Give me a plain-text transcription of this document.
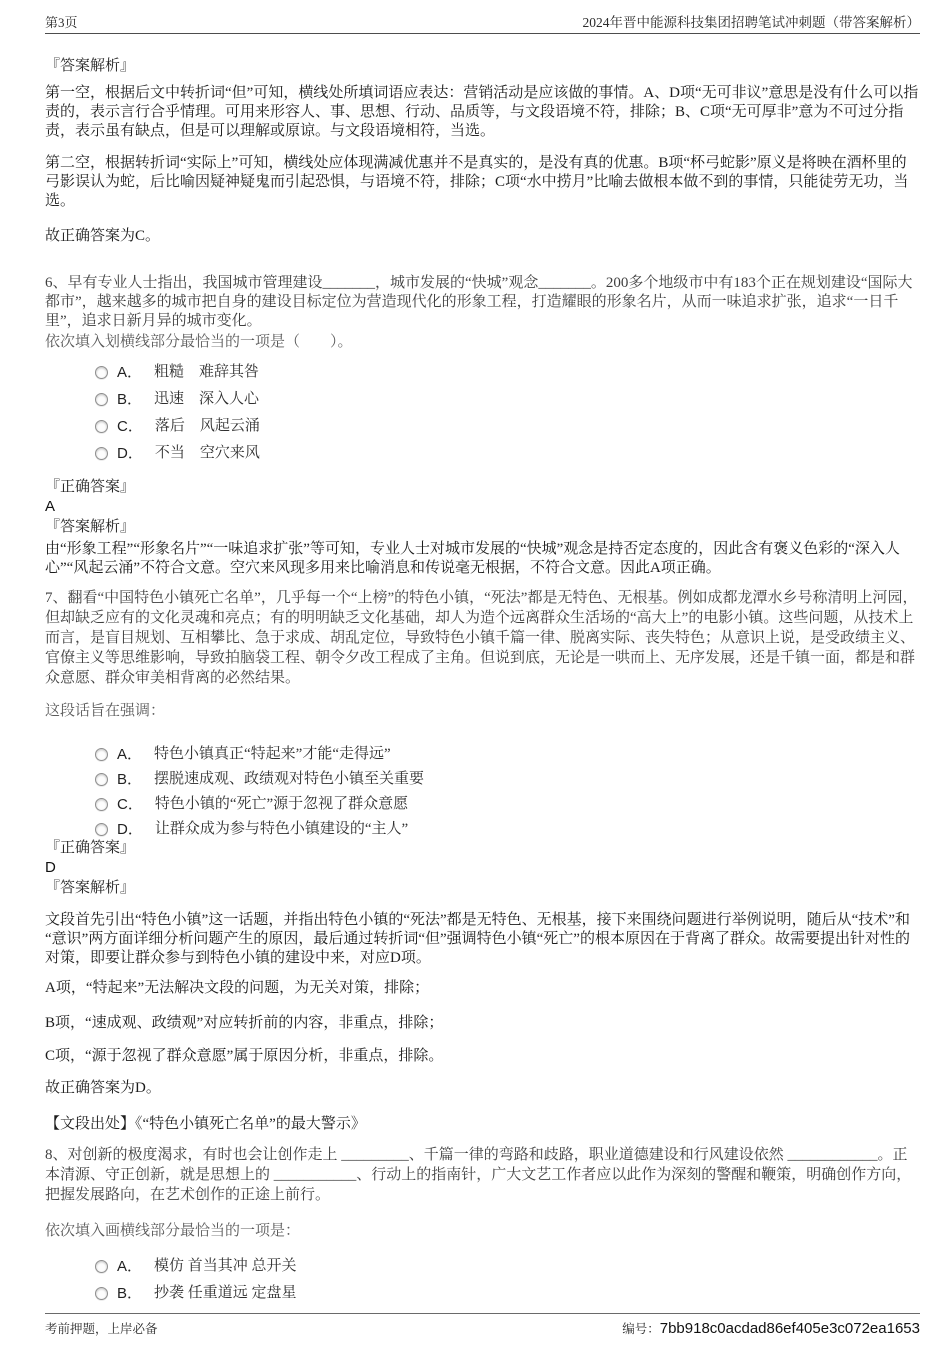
第3页	2024年晋中能源科技集团招聘笔试冲刺题（带答案解析）

『答案解析』

第一空，根据后文中转折词“但”可知，横线处所填词语应表达：营销活动是应该做的事情。A、D项“无可非议”意思是没有什么可以指责的，表示言行合乎情理。可用来形容人、事、思想、行动、品质等，与文段语境不符，排除；B、C项“无可厚非”意为不可过分指责，表示虽有缺点，但是可以理解或原谅。与文段语境相符，当选。

第二空，根据转折词“实际上”可知，横线处应体现满减优惠并不是真实的，是没有真的优惠。B项“杯弓蛇影”原义是将映在酒杯里的弓影误认为蛇，后比喻因疑神疑鬼而引起恐惧，与语境不符，排除；C项“水中捞月”比喻去做根本做不到的事情，只能徒劳无功，当选。

故正确答案为C。

6、早有专业人士指出，我国城市管理建设_______，城市发展的“快城”观念_______。200多个地级市中有183个正在规划建设“国际大都市”，越来越多的城市把自身的建设目标定位为营造现代化的形象工程，打造耀眼的形象名片，从而一味追求扩张，追求“一日千里”，追求日新月异的城市变化。

依次填入划横线部分最恰当的一项是（　　）。

A． 粗糙　难辞其咎
B． 迅速　深入人心
C． 落后　风起云涌
D． 不当　空穴来风

『正确答案』

A

『答案解析』

由“形象工程”“形象名片”“一味追求扩张”等可知，专业人士对城市发展的“快城”观念是持否定态度的，因此含有褒义色彩的“深入人心”“风起云涌”不符合文意。空穴来风现多用来比喻消息和传说毫无根据，不符合文意。因此A项正确。

7、翻看“中国特色小镇死亡名单”，几乎每一个“上榜”的特色小镇，“死法”都是无特色、无根基。例如成都龙潭水乡号称清明上河园，但却缺乏应有的文化灵魂和亮点；有的明明缺乏文化基础，却人为造个远离群众生活场的“高大上”的电影小镇。这些问题，从技术上而言，是盲目规划、互相攀比、急于求成、胡乱定位，导致特色小镇千篇一律、脱离实际、丧失特色；从意识上说，是受政绩主义、官僚主义等思维影响，导致拍脑袋工程、朝令夕改工程成了主角。但说到底，无论是一哄而上、无序发展，还是千镇一面，都是和群众意愿、群众审美相背离的必然结果。

这段话旨在强调：

A． 特色小镇真正“特起来”才能“走得远”
B． 摆脱速成观、政绩观对特色小镇至关重要
C． 特色小镇的“死亡”源于忽视了群众意愿
D． 让群众成为参与特色小镇建设的“主人”

『正确答案』

D

『答案解析』

文段首先引出“特色小镇”这一话题，并指出特色小镇的“死法”都是无特色、无根基，接下来围绕问题进行举例说明，随后从“技术”和“意识”两方面详细分析问题产生的原因，最后通过转折词“但”强调特色小镇“死亡”的根本原因在于背离了群众。故需要提出针对性的对策，即要让群众参与到特色小镇的建设中来，对应D项。

A项，“特起来”无法解决文段的问题，为无关对策，排除；

B项，“速成观、政绩观”对应转折前的内容，非重点，排除；

C项，“源于忽视了群众意愿”属于原因分析，非重点，排除。

故正确答案为D。

【文段出处】《“特色小镇死亡名单”的最大警示》

8、对创新的极度渴求，有时也会让创作走上 _________、千篇一律的弯路和歧路，职业道德建设和行风建设依然 ____________。正本清源、守正创新，就是思想上的 ___________、行动上的指南针，广大文艺工作者应以此作为深刻的警醒和鞭策，明确创作方向，把握发展路向，在艺术创作的正途上前行。

依次填入画横线部分最恰当的一项是：

A． 模仿 首当其冲 总开关
B． 抄袭 任重道远 定盘星
考前押题，上岸必备	编号：7bb918c0acdad86ef405e3c072ea1653
